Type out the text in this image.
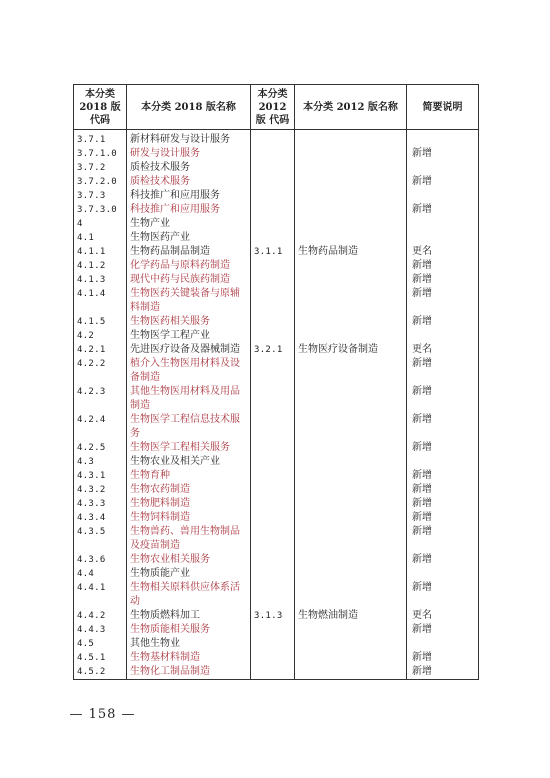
本分类 2018 版 代码	本分类 2018 版名称	本分类 2012 版 代码	本分类 2012 版名称	简要说明
3.7.1	新材料研发与设计服务			
3.7.1.0	研发与设计服务			新增
3.7.2	质检技术服务			
3.7.2.0	质检技术服务			新增
3.7.3	科技推广和应用服务			
3.7.3.0	科技推广和应用服务			新增
4	生物产业			
4.1	生物医药产业			
4.1.1	生物药品制品制造	3.1.1	生物药品制造	更名
4.1.2	化学药品与原料药制造			新增
4.1.3	现代中药与民族药制造			新增
4.1.4	生物医药关键装备与原辅料制造			新增
4.1.5	生物医药相关服务			新增
4.2	生物医学工程产业			
4.2.1	先进医疗设备及器械制造	3.2.1	生物医疗设备制造	更名
4.2.2	植介入生物医用材料及设备制造			新增
4.2.3	其他生物医用材料及用品制造			新增
4.2.4	生物医学工程信息技术服务			新增
4.2.5	生物医学工程相关服务			新增
4.3	生物农业及相关产业			
4.3.1	生物育种			新增
4.3.2	生物农药制造			新增
4.3.3	生物肥料制造			新增
4.3.4	生物饲料制造			新增
4.3.5	生物兽药、兽用生物制品及疫苗制造			新增
4.3.6	生物农业相关服务			新增
4.4	生物质能产业			
4.4.1	生物相关原料供应体系活动			新增
4.4.2	生物质燃料加工	3.1.3	生物燃油制造	更名
4.4.3	生物质能相关服务			新增
4.5	其他生物业			
4.5.1	生物基材料制造			新增
4.5.2	生物化工制品制造			新增
— 158 —
